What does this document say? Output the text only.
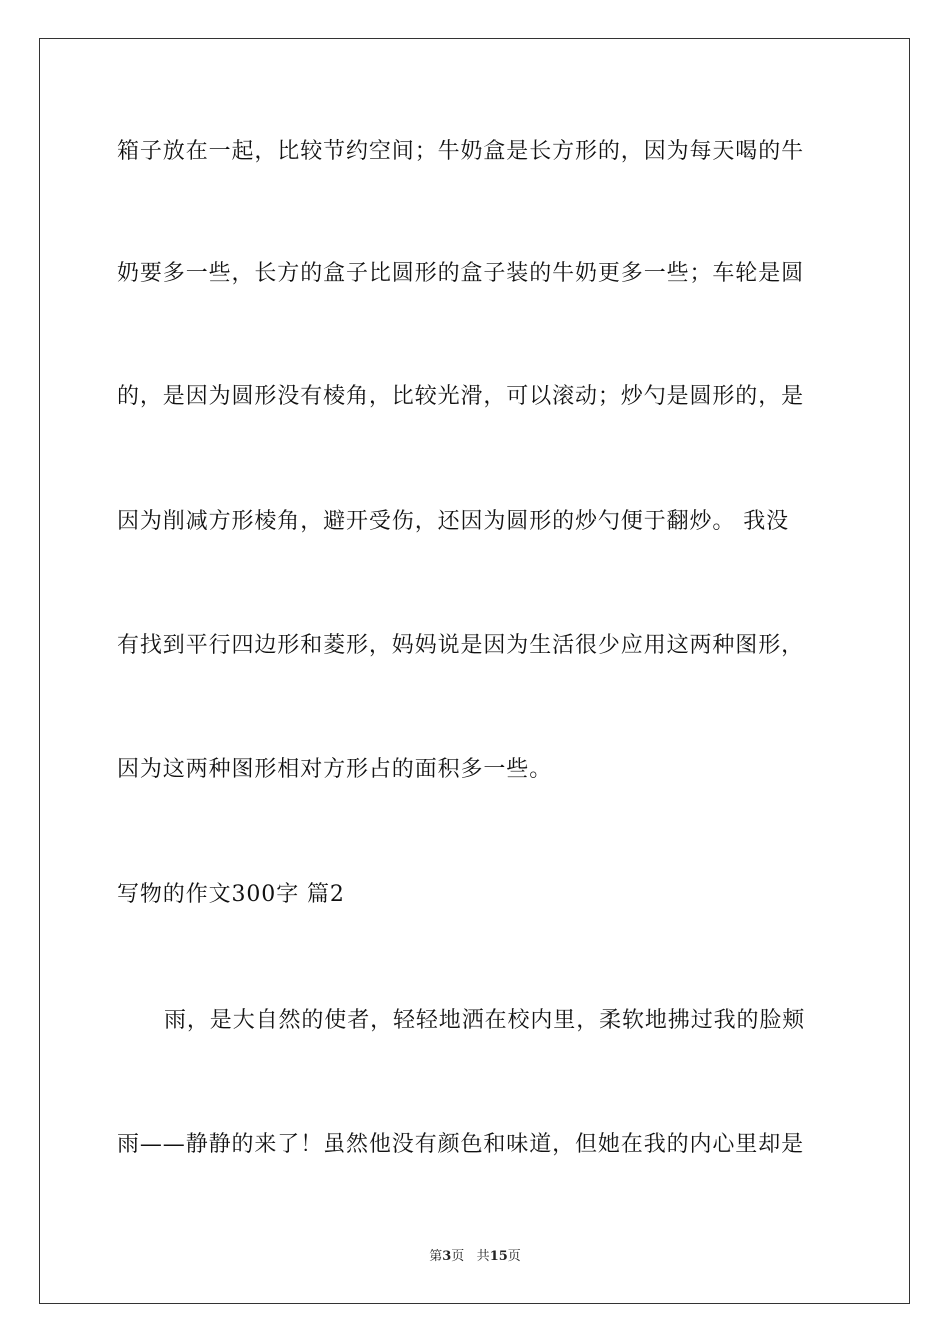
箱子放在一起，比较节约空间；牛奶盒是长方形的，因为每天喝的牛
奶要多一些，长方的盒子比圆形的盒子装的牛奶更多一些；车轮是圆
的，是因为圆形没有棱角，比较光滑，可以滚动；炒勺是圆形的，是
因为削减方形棱角，避开受伤，还因为圆形的炒勺便于翻炒。 我没
有找到平行四边形和菱形，妈妈说是因为生活很少应用这两种图形，
因为这两种图形相对方形占的面积多一些。
写物的作文300字 篇2
雨，是大自然的使者，轻轻地洒在校内里，柔软地拂过我的脸颊
雨——静静的来了！虽然他没有颜色和味道，但她在我的内心里却是
第3页 共15页
